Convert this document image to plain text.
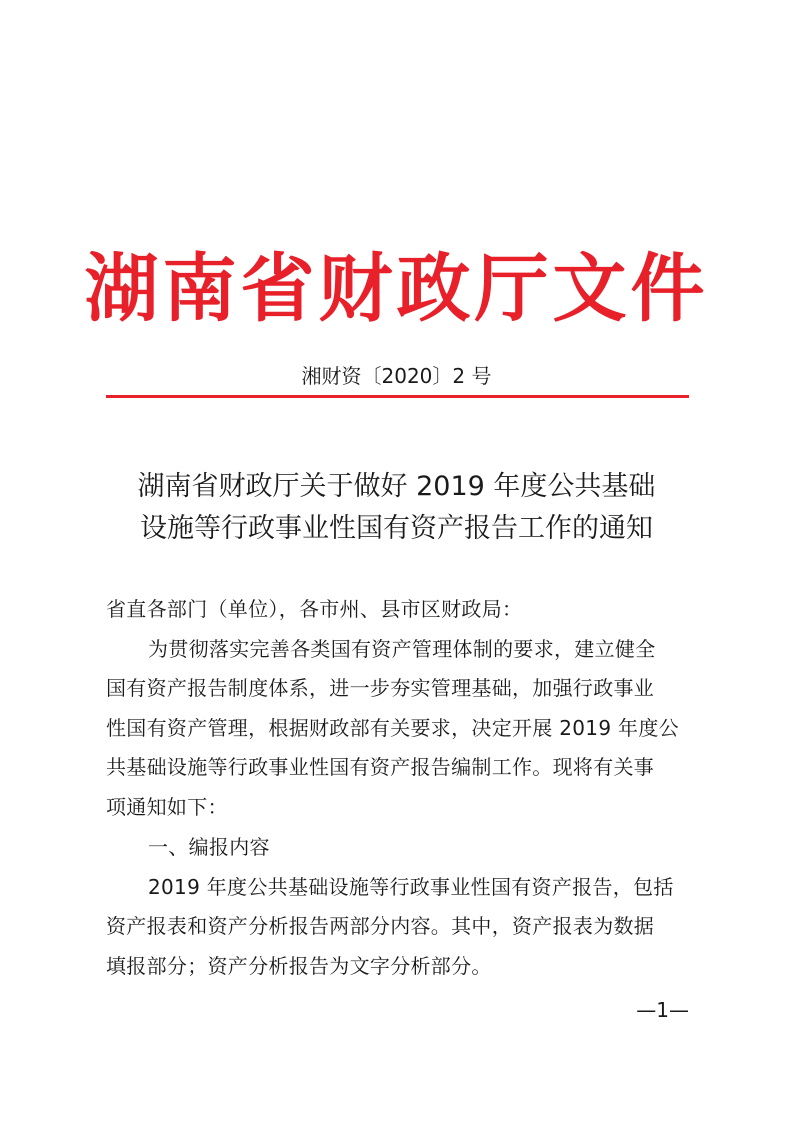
湖南省财政厅文件
湘财资〔2020〕2 号
湖南省财政厅关于做好 2019 年度公共基础
设施等行政事业性国有资产报告工作的通知
省直各部门（单位），各市州、县市区财政局：
为贯彻落实完善各类国有资产管理体制的要求，建立健全
国有资产报告制度体系，进一步夯实管理基础，加强行政事业
性国有资产管理，根据财政部有关要求，决定开展 2019 年度公
共基础设施等行政事业性国有资产报告编制工作。现将有关事
项通知如下：
一、编报内容
2019 年度公共基础设施等行政事业性国有资产报告，包括
资产报表和资产分析报告两部分内容。其中，资产报表为数据
填报部分；资产分析报告为文字分析部分。
—1—
